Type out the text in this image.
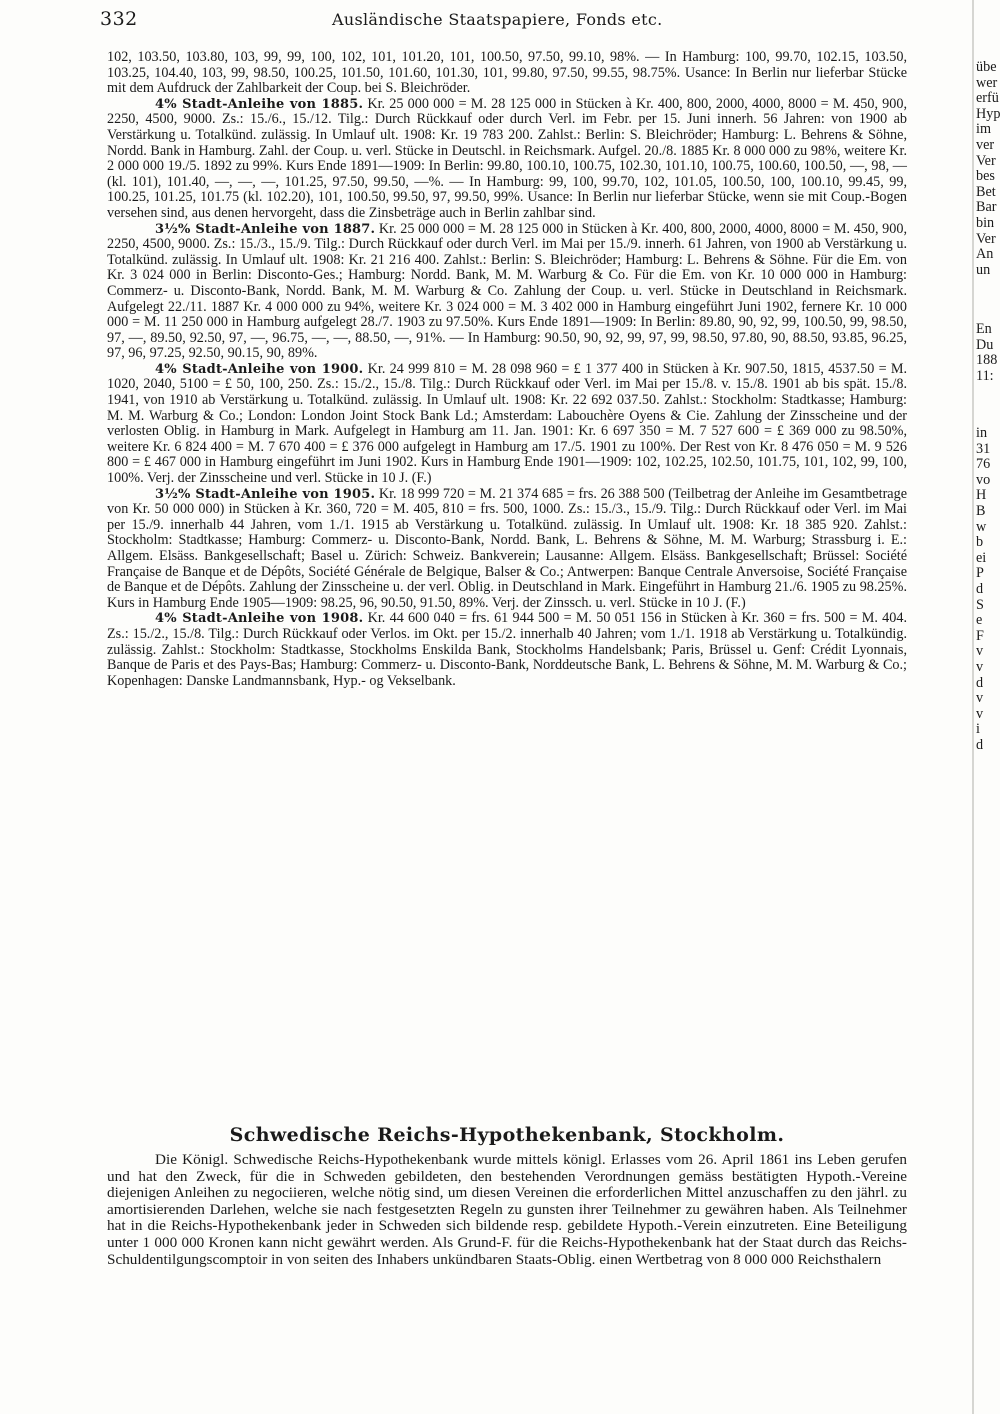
332	Ausländische Staatspapiere, Fonds etc.

102, 103.50, 103.80, 103, 99, 99, 100, 102, 101, 101.20, 101, 100.50, 97.50, 99.10, 98%. — In Hamburg: 100, 99.70, 102.15, 103.50, 103.25, 104.40, 103, 99, 98.50, 100.25, 101.50, 101.60, 101.30, 101, 99.80, 97.50, 99.55, 98.75%. Usance: In Berlin nur lieferbar Stücke mit dem Aufdruck der Zahlbarkeit der Coup. bei S. Bleichröder.

4% Stadt-Anleihe von 1885. Kr. 25 000 000 = M. 28 125 000 in Stücken à Kr. 400, 800, 2000, 4000, 8000 = M. 450, 900, 2250, 4500, 9000. Zs.: 15./6., 15./12. Tilg.: Durch Rückkauf oder durch Verl. im Febr. per 15. Juni innerh. 56 Jahren: von 1900 ab Verstärkung u. Totalkünd. zulässig. In Umlauf ult. 1908: Kr. 19 783 200. Zahlst.: Berlin: S. Bleichröder; Hamburg: L. Behrens & Söhne, Nordd. Bank in Hamburg. Zahl. der Coup. u. verl. Stücke in Deutschl. in Reichsmark. Aufgel. 20./8. 1885 Kr. 8 000 000 zu 98%, weitere Kr. 2 000 000 19./5. 1892 zu 99%. Kurs Ende 1891—1909: In Berlin: 99.80, 100.10, 100.75, 102.30, 101.10, 100.75, 100.60, 100.50, —, 98, — (kl. 101), 101.40, —, —, —, 101.25, 97.50, 99.50, —%. — In Hamburg: 99, 100, 99.70, 102, 101.05, 100.50, 100, 100.10, 99.45, 99, 100.25, 101.25, 101.75 (kl. 102.20), 101, 100.50, 99.50, 97, 99.50, 99%. Usance: In Berlin nur lieferbar Stücke, wenn sie mit Coup.-Bogen versehen sind, aus denen hervorgeht, dass die Zinsbeträge auch in Berlin zahlbar sind.

3½% Stadt-Anleihe von 1887. Kr. 25 000 000 = M. 28 125 000 in Stücken à Kr. 400, 800, 2000, 4000, 8000 = M. 450, 900, 2250, 4500, 9000. Zs.: 15./3., 15./9. Tilg.: Durch Rückkauf oder durch Verl. im Mai per 15./9. innerh. 61 Jahren, von 1900 ab Verstärkung u. Totalkünd. zulässig. In Umlauf ult. 1908: Kr. 21 216 400. Zahlst.: Berlin: S. Bleichröder; Hamburg: L. Behrens & Söhne. Für die Em. von Kr. 3 024 000 in Berlin: Disconto-Ges.; Hamburg: Nordd. Bank, M. M. Warburg & Co. Für die Em. von Kr. 10 000 000 in Hamburg: Commerz- u. Disconto-Bank, Nordd. Bank, M. M. Warburg & Co. Zahlung der Coup. u. verl. Stücke in Deutschland in Reichsmark. Aufgelegt 22./11. 1887 Kr. 4 000 000 zu 94%, weitere Kr. 3 024 000 = M. 3 402 000 in Hamburg eingeführt Juni 1902, fernere Kr. 10 000 000 = M. 11 250 000 in Hamburg aufgelegt 28./7. 1903 zu 97.50%. Kurs Ende 1891—1909: In Berlin: 89.80, 90, 92, 99, 100.50, 99, 98.50, 97, —, 89.50, 92.50, 97, —, 96.75, —, —, 88.50, —, 91%. — In Hamburg: 90.50, 90, 92, 99, 97, 99, 98.50, 97.80, 90, 88.50, 93.85, 96.25, 97, 96, 97.25, 92.50, 90.15, 90, 89%.

4% Stadt-Anleihe von 1900. Kr. 24 999 810 = M. 28 098 960 = £ 1 377 400 in Stücken à Kr. 907.50, 1815, 4537.50 = M. 1020, 2040, 5100 = £ 50, 100, 250. Zs.: 15./2., 15./8. Tilg.: Durch Rückkauf oder Verl. im Mai per 15./8. v. 15./8. 1901 ab bis spät. 15./8. 1941, von 1910 ab Verstärkung u. Totalkünd. zulässig. In Umlauf ult. 1908: Kr. 22 692 037.50. Zahlst.: Stockholm: Stadtkasse; Hamburg: M. M. Warburg & Co.; London: London Joint Stock Bank Ld.; Amsterdam: Labouchère Oyens & Cie. Zahlung der Zinsscheine und der verlosten Oblig. in Hamburg in Mark. Aufgelegt in Hamburg am 11. Jan. 1901: Kr. 6 697 350 = M. 7 527 600 = £ 369 000 zu 98.50%, weitere Kr. 6 824 400 = M. 7 670 400 = £ 376 000 aufgelegt in Hamburg am 17./5. 1901 zu 100%. Der Rest von Kr. 8 476 050 = M. 9 526 800 = £ 467 000 in Hamburg eingeführt im Juni 1902. Kurs in Hamburg Ende 1901—1909: 102, 102.25, 102.50, 101.75, 101, 102, 99, 100, 100%. Verj. der Zinsscheine und verl. Stücke in 10 J. (F.)

3½% Stadt-Anleihe von 1905. Kr. 18 999 720 = M. 21 374 685 = frs. 26 388 500 (Teilbetrag der Anleihe im Gesamtbetrage von Kr. 50 000 000) in Stücken à Kr. 360, 720 = M. 405, 810 = frs. 500, 1000. Zs.: 15./3., 15./9. Tilg.: Durch Rückkauf oder Verl. im Mai per 15./9. innerhalb 44 Jahren, vom 1./1. 1915 ab Verstärkung u. Totalkünd. zulässig. In Umlauf ult. 1908: Kr. 18 385 920. Zahlst.: Stockholm: Stadtkasse; Hamburg: Commerz- u. Disconto-Bank, Nordd. Bank, L. Behrens & Söhne, M. M. Warburg; Strassburg i. E.: Allgem. Elsäss. Bankgesellschaft; Basel u. Zürich: Schweiz. Bankverein; Lausanne: Allgem. Elsäss. Bankgesellschaft; Brüssel: Société Française de Banque et de Dépôts, Société Générale de Belgique, Balser & Co.; Antwerpen: Banque Centrale Anversoise, Société Française de Banque et de Dépôts. Zahlung der Zinsscheine u. der verl. Oblig. in Deutschland in Mark. Eingeführt in Hamburg 21./6. 1905 zu 98.25%. Kurs in Hamburg Ende 1905—1909: 98.25, 96, 90.50, 91.50, 89%. Verj. der Zinssch. u. verl. Stücke in 10 J. (F.)

4% Stadt-Anleihe von 1908. Kr. 44 600 040 = frs. 61 944 500 = M. 50 051 156 in Stücken à Kr. 360 = frs. 500 = M. 404. Zs.: 15./2., 15./8. Tilg.: Durch Rückkauf oder Verlos. im Okt. per 15./2. innerhalb 40 Jahren; vom 1./1. 1918 ab Verstärkung u. Totalkündig. zulässig. Zahlst.: Stockholm: Stadtkasse, Stockholms Enskilda Bank, Stockholms Handelsbank; Paris, Brüssel u. Genf: Crédit Lyonnais, Banque de Paris et des Pays-Bas; Hamburg: Commerz- u. Disconto-Bank, Norddeutsche Bank, L. Behrens & Söhne, M. M. Warburg & Co.; Kopenhagen: Danske Landmannsbank, Hyp.- og Vekselbank.

Schwedische Reichs-Hypothekenbank, Stockholm.

Die Königl. Schwedische Reichs-Hypothekenbank wurde mittels königl. Erlasses vom 26. April 1861 ins Leben gerufen und hat den Zweck, für die in Schweden gebildeten, den bestehenden Verordnungen gemäss bestätigten Hypoth.-Vereine diejenigen Anleihen zu negociieren, welche nötig sind, um diesen Vereinen die erforderlichen Mittel anzuschaffen zu den jährl. zu amortisierenden Darlehen, welche sie nach festgesetzten Regeln zu gunsten ihrer Teilnehmer zu gewähren haben. Als Teilnehmer hat in die Reichs-Hypothekenbank jeder in Schweden sich bildende resp. gebildete Hypoth.-Verein einzutreten. Eine Beteiligung unter 1 000 000 Kronen kann nicht gewährt werden. Als Grund-F. für die Reichs-Hypothekenbank hat der Staat durch das Reichs-Schuldentilgungscomptoir in von seiten des Inhabers unkündbaren Staats-Oblig. einen Wertbetrag von 8 000 000 Reichsthalern

übe
wer
erfü
Hyp
im
ver
Ver
bes
Bet
Bar
bin
Ver
An
un
En
Du
188
11:
in
31
76
vo
H
B
w
b
ei
P
d
S
e
F
v
v
d
v
v
i
d
